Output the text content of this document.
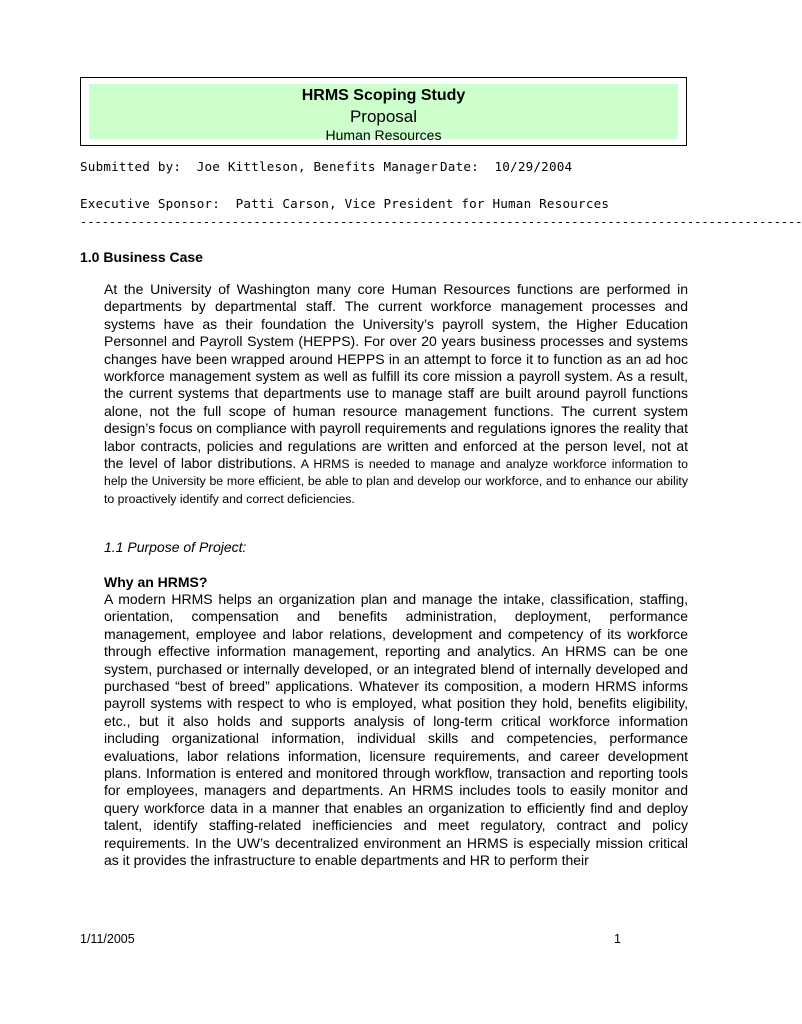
HRMS Scoping Study
Proposal
Human Resources
Submitted by:  Joe Kittleson, Benefits Manager Date:  10/29/2004
Executive Sponsor:  Patti Carson, Vice President for Human Resources
----------------------------------------------------------------------------------------------------
1.0 Business Case

At the University of Washington many core Human Resources functions are performed in departments by departmental staff. The current workforce management processes and systems have as their foundation the University’s payroll system, the Higher Education Personnel and Payroll System (HEPPS). For over 20 years business processes and systems changes have been wrapped around HEPPS in an attempt to force it to function as an ad hoc workforce management system as well as fulfill its core mission a payroll system. As a result, the current systems that departments use to manage staff are built around payroll functions alone, not the full scope of human resource management functions. The current system design’s focus on compliance with payroll requirements and regulations ignores the reality that labor contracts, policies and regulations are written and enforced at the person level, not at the level of labor distributions. A HRMS is needed to manage and analyze workforce information to help the University be more efficient, be able to plan and develop our workforce, and to enhance our ability to proactively identify and correct deficiencies.

1.1 Purpose of Project:
Why an HRMS?

A modern HRMS helps an organization plan and manage the intake, classification, staffing, orientation, compensation and benefits administration, deployment, performance management, employee and labor relations, development and competency of its workforce through effective information management, reporting and analytics. An HRMS can be one system, purchased or internally developed, or an integrated blend of internally developed and purchased “best of breed” applications. Whatever its composition, a modern HRMS informs payroll systems with respect to who is employed, what position they hold, benefits eligibility, etc., but it also holds and supports analysis of long-term critical workforce information including organizational information, individual skills and competencies, performance evaluations, labor relations information, licensure requirements, and career development plans. Information is entered and monitored through workflow, transaction and reporting tools for employees, managers and departments. An HRMS includes tools to easily monitor and query workforce data in a manner that enables an organization to efficiently find and deploy talent, identify staffing-related inefficiencies and meet regulatory, contract and policy requirements. In the UW’s decentralized environment an HRMS is especially mission critical as it provides the infrastructure to enable departments and HR to perform their

1/11/2005	1
